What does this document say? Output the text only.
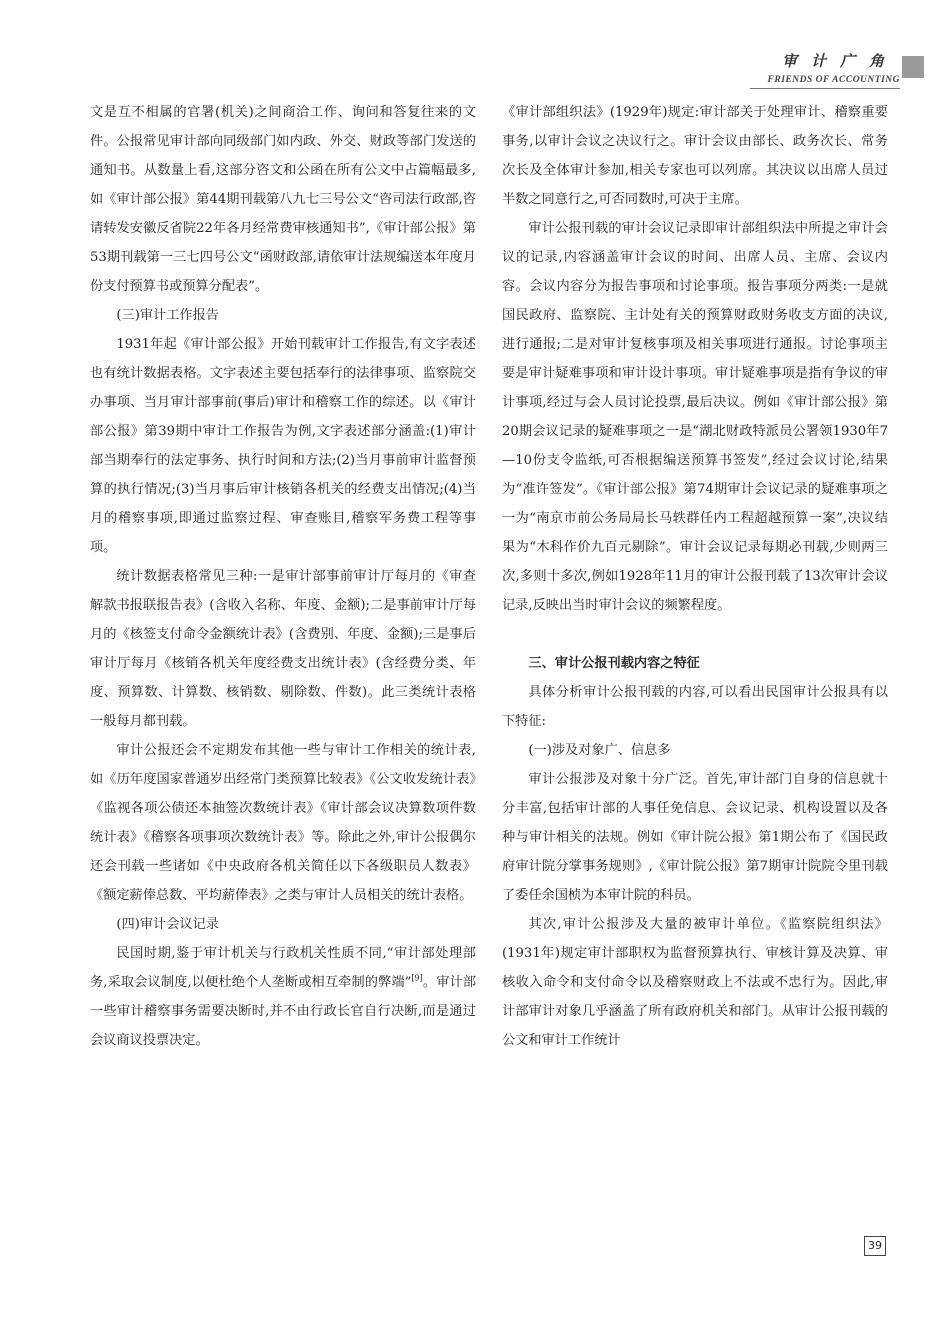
审计广角
FRIENDS OF ACCOUNTING

文是互不相属的官署(机关)之间商洽工作、询问和答复往来的文件。公报常见审计部向同级部门如内政、外交、财政等部门发送的通知书。从数量上看,这部分咨文和公函在所有公文中占篇幅最多,如《审计部公报》第44期刊载第八九七三号公文“咨司法行政部,咨请转发安徽反省院22年各月经常费审核通知书”,《审计部公报》第53期刊载第一三七四号公文“函财政部,请依审计法规编送本年度月份支付预算书或预算分配表”。

(三)审计工作报告

1931年起《审计部公报》开始刊载审计工作报告,有文字表述也有统计数据表格。文字表述主要包括奉行的法律事项、监察院交办事项、当月审计部事前(事后)审计和稽察工作的综述。以《审计部公报》第39期中审计工作报告为例,文字表述部分涵盖:(1)审计部当期奉行的法定事务、执行时间和方法;(2)当月事前审计监督预算的执行情况;(3)当月事后审计核销各机关的经费支出情况;(4)当月的稽察事项,即通过监察过程、审查账目,稽察军务费工程等事项。

统计数据表格常见三种:一是审计部事前审计厅每月的《审查解款书报联报告表》(含收入名称、年度、金额);二是事前审计厅每月的《核签支付命令金额统计表》(含费别、年度、金额);三是事后审计厅每月《核销各机关年度经费支出统计表》(含经费分类、年度、预算数、计算数、核销数、剔除数、件数)。此三类统计表格一般每月都刊载。

审计公报还会不定期发布其他一些与审计工作相关的统计表,如《历年度国家普通岁出经常门类预算比较表》《公文收发统计表》《监视各项公债还本抽签次数统计表》《审计部会议决算数项件数统计表》《稽察各项事项次数统计表》等。除此之外,审计公报偶尔还会刊载一些诸如《中央政府各机关简任以下各级职员人数表》《额定薪俸总数、平均薪俸表》之类与审计人员相关的统计表格。

(四)审计会议记录

民国时期,鉴于审计机关与行政机关性质不同,“审计部处理部务,采取会议制度,以便杜绝个人垄断或相互牵制的弊端”[9]。审计部一些审计稽察事务需要决断时,并不由行政长官自行决断,而是通过会议商议投票决定。

《审计部组织法》(1929年)规定:审计部关于处理审计、稽察重要事务,以审计会议之决议行之。审计会议由部长、政务次长、常务次长及全体审计参加,相关专家也可以列席。其决议以出席人员过半数之同意行之,可否同数时,可决于主席。

审计公报刊载的审计会议记录即审计部组织法中所提之审计会议的记录,内容涵盖审计会议的时间、出席人员、主席、会议内容。会议内容分为报告事项和讨论事项。报告事项分两类:一是就国民政府、监察院、主计处有关的预算财政财务收支方面的决议,进行通报;二是对审计复核事项及相关事项进行通报。讨论事项主要是审计疑难事项和审计设计事项。审计疑难事项是指有争议的审计事项,经过与会人员讨论投票,最后决议。例如《审计部公报》第20期会议记录的疑难事项之一是“湖北财政特派员公署领1930年7—10份支令监纸,可否根据编送预算书签发”,经过会议讨论,结果为“准许签发”。《审计部公报》第74期审计会议记录的疑难事项之一为“南京市前公务局局长马轶群任内工程超越预算一案”,决议结果为“木科作价九百元剔除”。审计会议记录每期必刊载,少则两三次,多则十多次,例如1928年11月的审计公报刊载了13次审计会议记录,反映出当时审计会议的频繁程度。

三、审计公报刊载内容之特征

具体分析审计公报刊载的内容,可以看出民国审计公报具有以下特征:

(一)涉及对象广、信息多

审计公报涉及对象十分广泛。首先,审计部门自身的信息就十分丰富,包括审计部的人事任免信息、会议记录、机构设置以及各种与审计相关的法规。例如《审计院公报》第1期公布了《国民政府审计院分掌事务规则》,《审计院公报》第7期审计院院令里刊载了委任余国桢为本审计院的科员。

其次,审计公报涉及大量的被审计单位。《监察院组织法》(1931年)规定审计部职权为监督预算执行、审核计算及决算、审核收入命令和支付命令以及稽察财政上不法或不忠行为。因此,审计部审计对象几乎涵盖了所有政府机关和部门。从审计公报刊载的公文和审计工作统计

39
